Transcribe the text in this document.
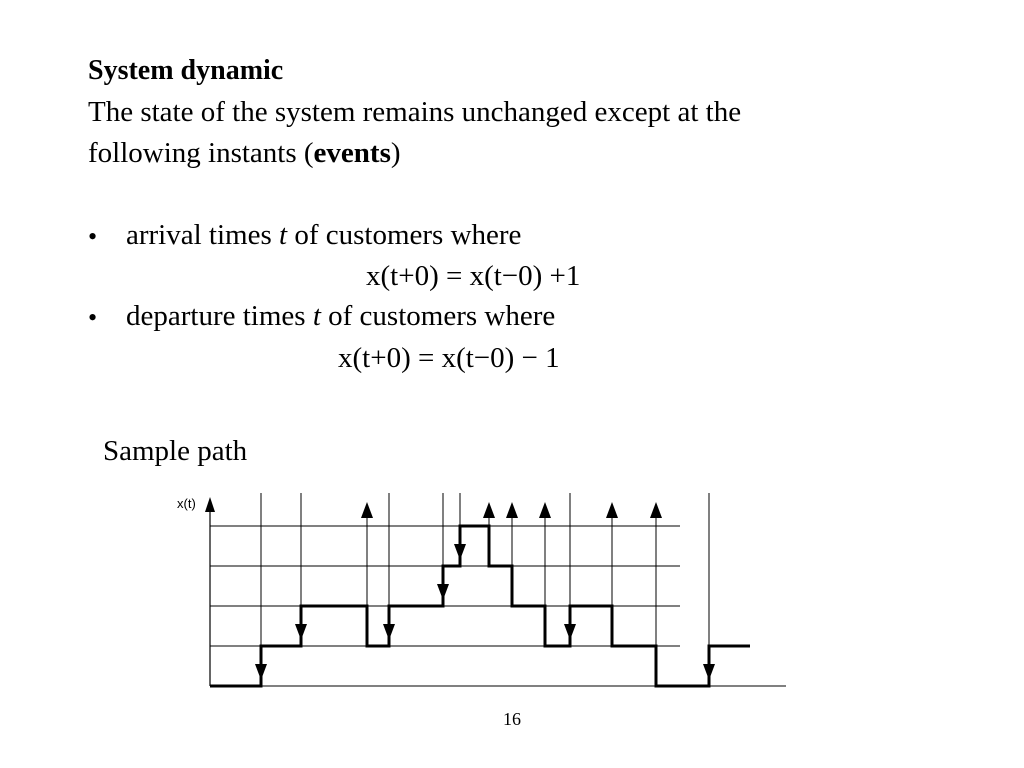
System dynamic
The state of the system remains unchanged except at the
following instants (events)
• arrival times t of customers where
x(t+0) = x(t−0) +1
• departure times t of customers where
x(t+0) = x(t−0) − 1
Sample path
x(t)
16
